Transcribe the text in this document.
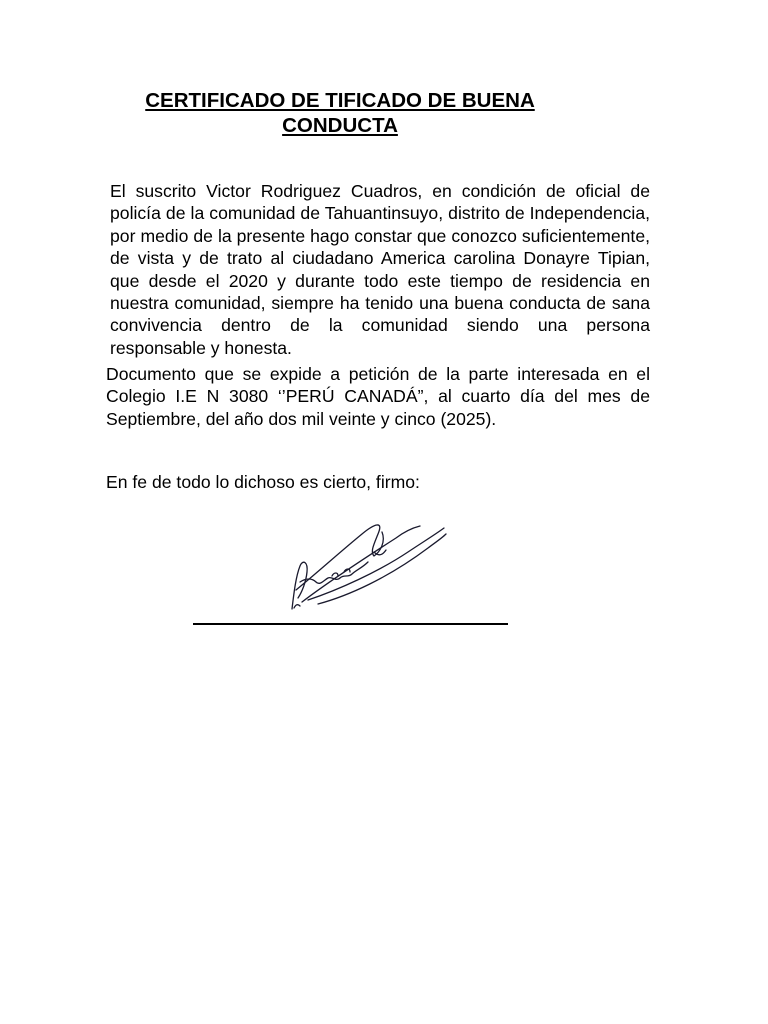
CERTIFICADO DE TIFICADO DE BUENA
CONDUCTA

El suscrito Victor Rodriguez Cuadros, en condición de oficial de policía de la comunidad de Tahuantinsuyo, distrito de Independencia, por medio de la presente hago constar que conozco suficientemente, de vista y de trato al ciudadano America carolina Donayre Tipian, que desde el 2020 y durante todo este tiempo de residencia en nuestra comunidad, siempre ha tenido una buena conducta de sana convivencia dentro de la comunidad siendo una persona responsable y honesta.

Documento que se expide a petición de la parte interesada en el Colegio I.E N 3080 ‘’PERÚ CANADÁ”, al cuarto día del mes de Septiembre, del año dos mil veinte y cinco (2025).

En fe de todo lo dichoso es cierto, firmo:
